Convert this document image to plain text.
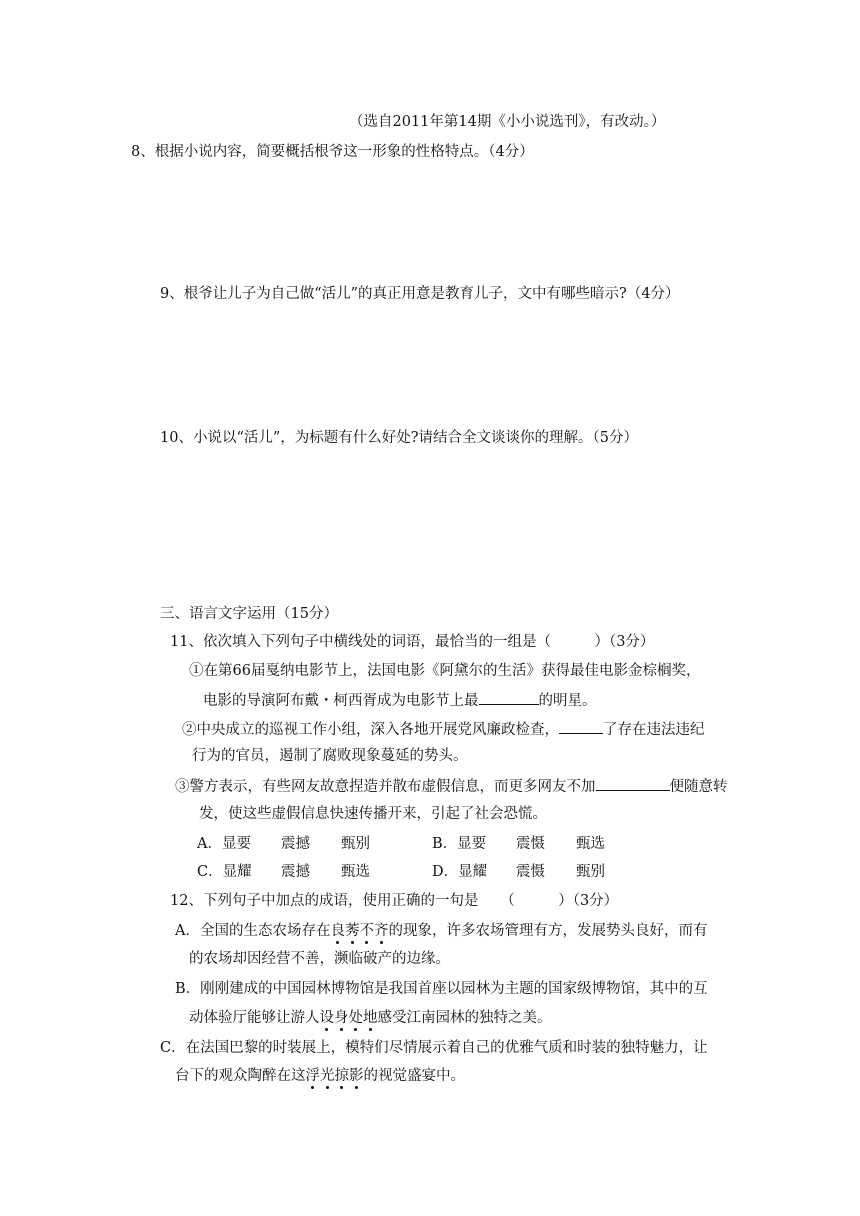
（选自2011年第14期《小小说选刊》，有改动。）
8、根据小说内容，简要概括根爷这一形象的性格特点。（4分）
9、根爷让儿子为自己做“活儿”的真正用意是教育儿子，文中有哪些暗示?（4分）
10、小说以“活儿”，为标题有什么好处?请结合全文谈谈你的理解。（5分）
三、语言文字运用（15分）
11、依次填入下列句子中横线处的词语，最恰当的一组是（　　　）（3分）
①在第66届戛纳电影节上，法国电影《阿黛尔的生活》获得最佳电影金棕榈奖，
电影的导演阿布戴・柯西胥成为电影节上最	的明星。
②中央成立的巡视工作小组，深入各地开展党风廉政检查，	了存在违法违纪
行为的官员，遏制了腐败现象蔓延的势头。
③警方表示，有些网友故意捏造并散布虚假信息，而更多网友不加	便随意转
发，使这些虚假信息快速传播开来，引起了社会恐慌。
A．显要 震撼 甄别	B．显要 震慑 甄选
C．显耀 震撼 甄选	D．显耀 震慑 甄别
12、下列句子中加点的成语，使用正确的一句是　　（　　　）（3分）
A．全国的生态农场存在良莠不齐的现象，许多农场管理有方，发展势头良好，而有
的农场却因经营不善，濒临破产的边缘。
B．刚刚建成的中国园林博物馆是我国首座以园林为主题的国家级博物馆，其中的互
动体验厅能够让游人设身处地感受江南园林的独特之美。
C．在法国巴黎的时装展上，模特们尽情展示着自己的优雅气质和时装的独特魅力，让
台下的观众陶醉在这浮光掠影的视觉盛宴中。
